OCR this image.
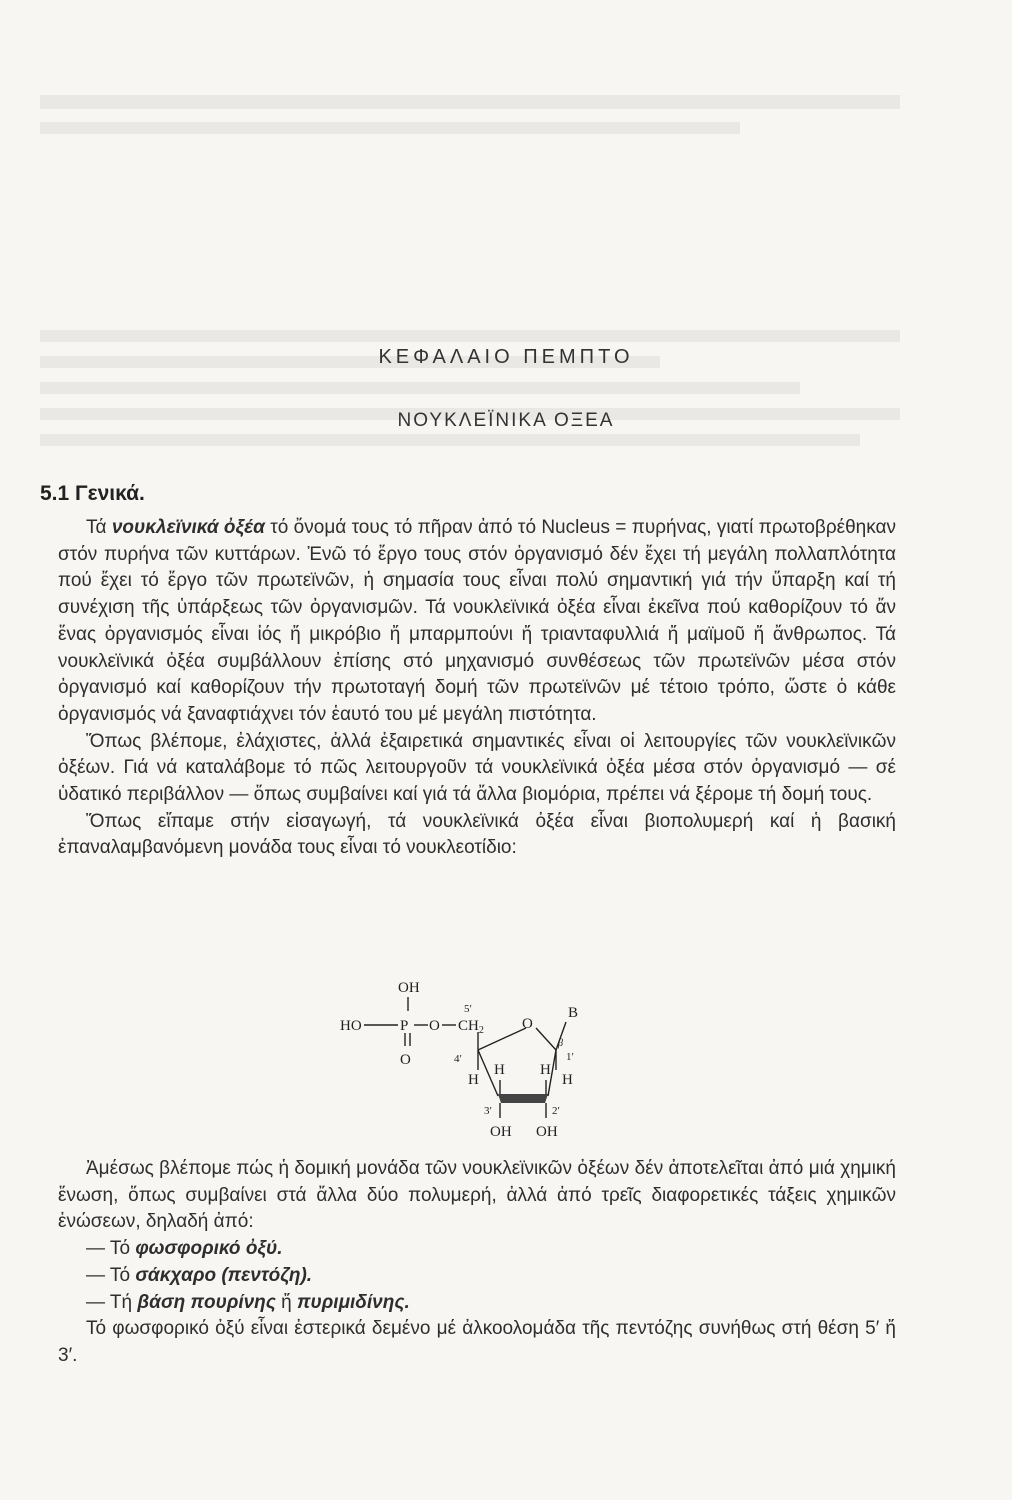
ΚΕΦΑΛΑΙΟ ΠΕΜΠΤΟ
ΝΟΥΚΛΕΪΝΙΚΑ ΟΞΕΑ
5.1 Γενικά.

Τά νουκλεϊνικά ὀξέα τό ὄνομά τους τό πῆραν ἀπό τό Nucleus = πυρήνας, γιατί πρωτοβρέθηκαν στόν πυρήνα τῶν κυττάρων. Ἐνῶ τό ἔργο τους στόν ὀργανισμό δέν ἔχει τή μεγάλη πολλαπλότητα πού ἔχει τό ἔργο τῶν πρωτεϊνῶν, ἡ σημασία τους εἶναι πολύ σημαντική γιά τήν ὕπαρξη καί τή συνέχιση τῆς ὑπάρξεως τῶν ὀργανισμῶν. Τά νουκλεϊνικά ὀξέα εἶναι ἐκεῖνα πού καθορίζουν τό ἄν ἕνας ὀργανισμός εἶναι ἰός ἤ μικρόβιο ἤ μπαρμπούνι ἤ τριανταφυλλιά ἤ μαϊμοῦ ἤ ἄνθρωπος. Τά νουκλεϊνικά ὀξέα συμβάλλουν ἐπίσης στό μηχανισμό συνθέσεως τῶν πρωτεϊνῶν μέσα στόν ὀργανισμό καί καθορίζουν τήν πρωτοταγή δομή τῶν πρωτεϊνῶν μέ τέτοιο τρόπο, ὥστε ὁ κάθε ὀργανισμός νά ξαναφτιάχνει τόν ἑαυτό του μέ μεγάλη πιστότητα.

Ὅπως βλέπομε, ἐλάχιστες, ἀλλά ἐξαιρετικά σημαντικές εἶναι οἱ λειτουργίες τῶν νουκλεϊνικῶν ὀξέων. Γιά νά καταλάβομε τό πῶς λειτουργοῦν τά νουκλεϊνικά ὀξέα μέσα στόν ὀργανισμό — σέ ὑδατικό περιβάλλον — ὅπως συμβαίνει καί γιά τά ἄλλα βιομόρια, πρέπει νά ξέρομε τή δομή τους.

Ὅπως εἴπαμε στήν εἰσαγωγή, τά νουκλεϊνικά ὀξέα εἶναι βιοπολυμερή καί ἡ βασική ἐπαναλαμβανόμενη μονάδα τους εἶναι τό νουκλεοτίδιο:

OH
HO	P O $CH_2$
5′
O
O
B
β
1′
4′
H
H H
H
3′	2′
OH OH

Ἀμέσως βλέπομε πώς ἡ δομική μονάδα τῶν νουκλεϊνικῶν ὀξέων δέν ἀποτελεῖται ἀπό μιά χημική ἕνωση, ὅπως συμβαίνει στά ἄλλα δύο πολυμερή, ἀλλά ἀπό τρεῖς διαφορετικές τάξεις χημικῶν ἑνώσεων, δηλαδή ἀπό:

— Τό φωσφορικό ὀξύ.

— Τό σάκχαρο (πεντόζη).

— Τή βάση πουρίνης ἤ πυριμιδίνης.

Τό φωσφορικό ὀξύ εἶναι ἐστερικά δεμένο μέ ἀλκοολομάδα τῆς πεντόζης συνήθως στή θέση 5′ ἤ 3′.
